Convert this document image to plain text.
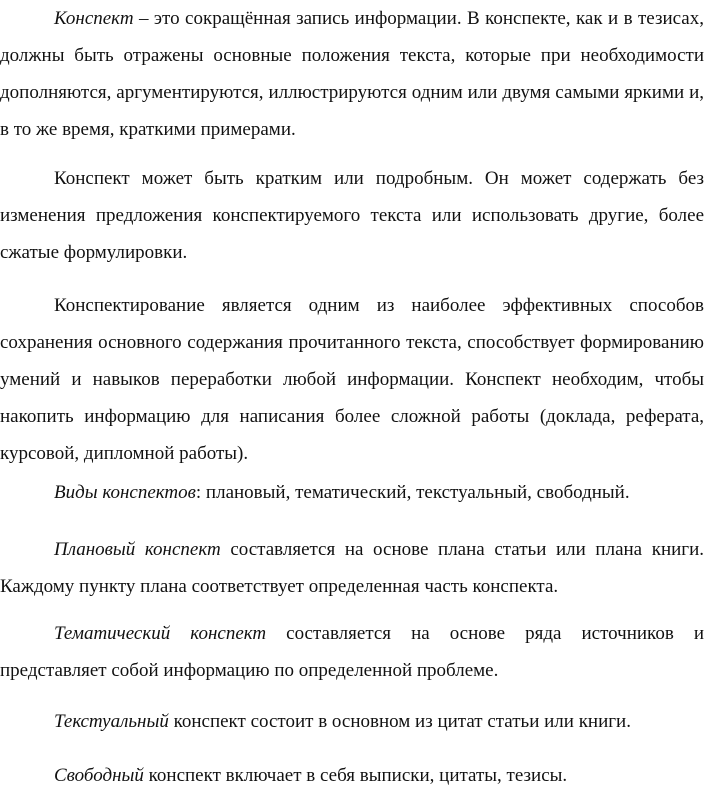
Конспект – это сокращённая запись информации. В конспекте, как и в тезисах, должны быть отражены основные положения текста, которые при необходимости дополняются, аргументируются, иллюстрируются одним или двумя самыми яркими и, в то же время, краткими примерами.

Конспект может быть кратким или подробным. Он может содержать без изменения предложения конспектируемого текста или использовать другие, более сжатые формулировки.

Конспектирование является одним из наиболее эффективных способов сохранения основного содержания прочитанного текста, способствует формированию умений и навыков переработки любой информации. Конспект необходим, чтобы накопить информацию для написания более сложной работы (доклада, реферата, курсовой, дипломной работы).

Виды конспектов: плановый, тематический, текстуальный, свободный.

Плановый конспект составляется на основе плана статьи или плана книги. Каждому пункту плана соответствует определенная часть конспекта.

Тематический конспект составляется на основе ряда источников и представляет собой информацию по определенной проблеме.

Текстуальный конспект состоит в основном из цитат статьи или книги.

Свободный конспект включает в себя выписки, цитаты, тезисы.
